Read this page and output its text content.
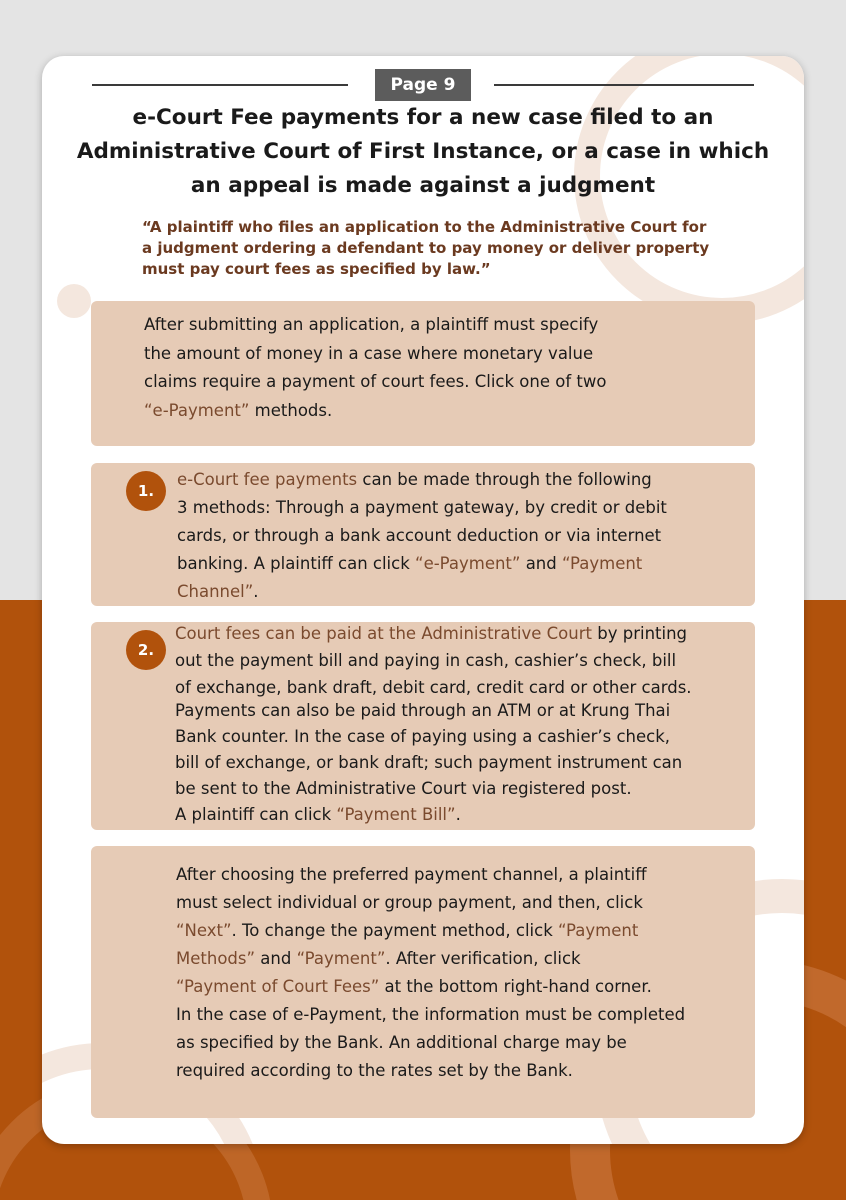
Page 9
e-Court Fee payments for a new case filed to an
Administrative Court of First Instance, or a case in which
an appeal is made against a judgment
“A plaintiff who files an application to the Administrative Court for
a judgment ordering a defendant to pay money or deliver property
must pay court fees as specified by law.”

After submitting an application, a plaintiff must specify

the amount of money in a case where monetary value

claims require a payment of court fees. Click one of two

“e-Payment” methods.

1.

e-Court fee payments can be made through the following

3 methods: Through a payment gateway, by credit or debit

cards, or through a bank account deduction or via internet

banking. A plaintiff can click “e-Payment” and “Payment

Channel”.

2.

Court fees can be paid at the Administrative Court by printing

out the payment bill and paying in cash, cashier’s check, bill

of exchange, bank draft, debit card, credit card or other cards.

Payments can also be paid through an ATM or at Krung Thai

Bank counter. In the case of paying using a cashier’s check,

bill of exchange, or bank draft; such payment instrument can

be sent to the Administrative Court via registered post.

A plaintiff can click “Payment Bill”.

After choosing the preferred payment channel, a plaintiff

must select individual or group payment, and then, click

“Next”. To change the payment method, click “Payment

Methods” and “Payment”. After verification, click

“Payment of Court Fees” at the bottom right-hand corner.

In the case of e-Payment, the information must be completed

as specified by the Bank. An additional charge may be

required according to the rates set by the Bank.
